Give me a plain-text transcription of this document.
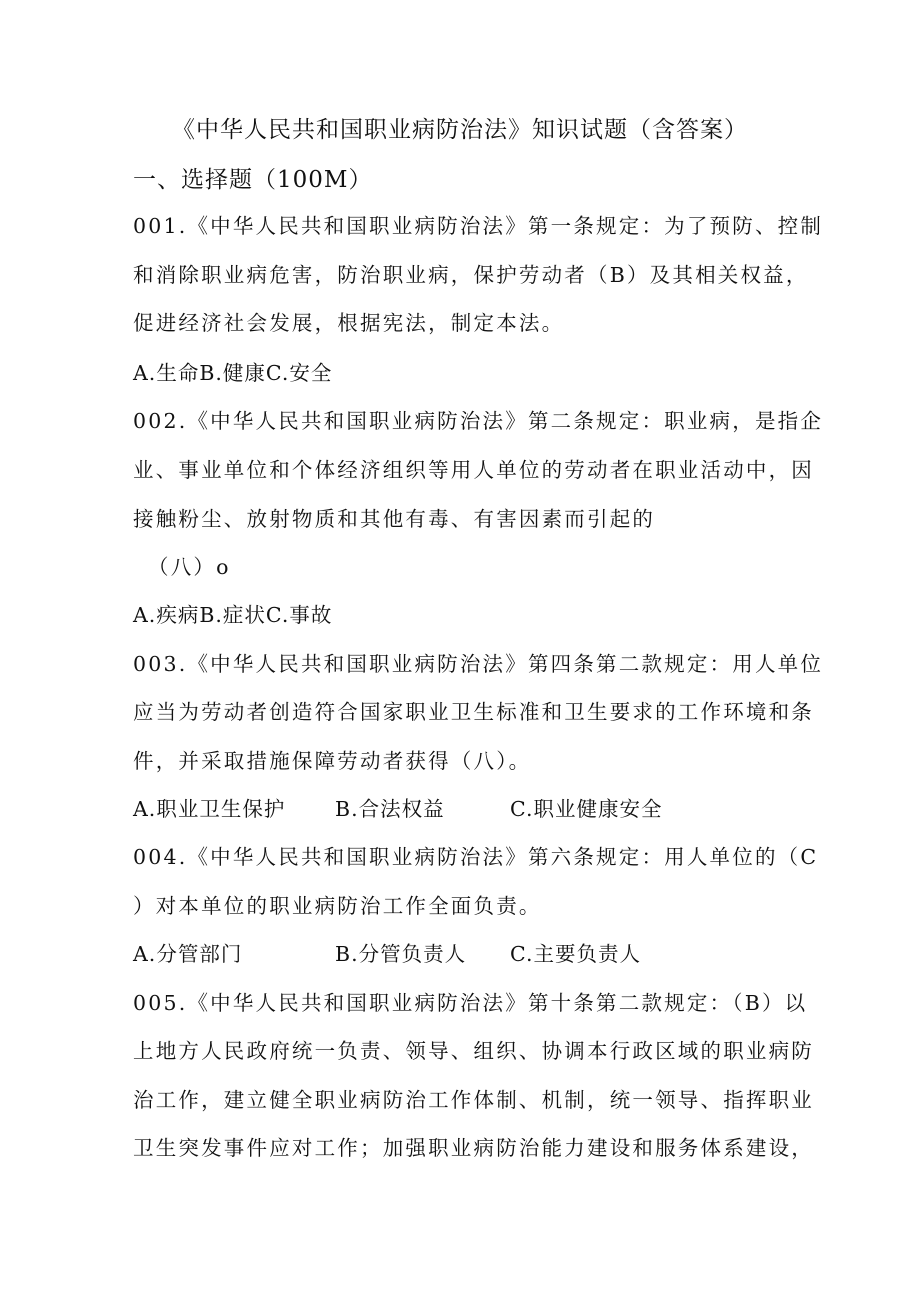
《中华人民共和国职业病防治法》知识试题（含答案）
一、选择题（100M）
001.《中华人民共和国职业病防治法》第一条规定：为了预防、控制
和消除职业病危害，防治职业病，保护劳动者（B）及其相关权益，
促进经济社会发展，根据宪法，制定本法。
A.生命B.健康C.安全
002.《中华人民共和国职业病防治法》第二条规定：职业病，是指企
业、事业单位和个体经济组织等用人单位的劳动者在职业活动中，因
接触粉尘、放射物质和其他有毒、有害因素而引起的
（八）o
A.疾病B.症状C.事故
003.《中华人民共和国职业病防治法》第四条第二款规定：用人单位
应当为劳动者创造符合国家职业卫生标准和卫生要求的工作环境和条
件，并采取措施保障劳动者获得（八）。
A.职业卫生保护 B.合法权益	C.职业健康安全
004.《中华人民共和国职业病防治法》第六条规定：用人单位的（C
）对本单位的职业病防治工作全面负责。
A.分管部门	B.分管负责人 C.主要负责人
005.《中华人民共和国职业病防治法》第十条第二款规定：（B）以
上地方人民政府统一负责、领导、组织、协调本行政区域的职业病防
治工作，建立健全职业病防治工作体制、机制，统一领导、指挥职业
卫生突发事件应对工作；加强职业病防治能力建设和服务体系建设，
